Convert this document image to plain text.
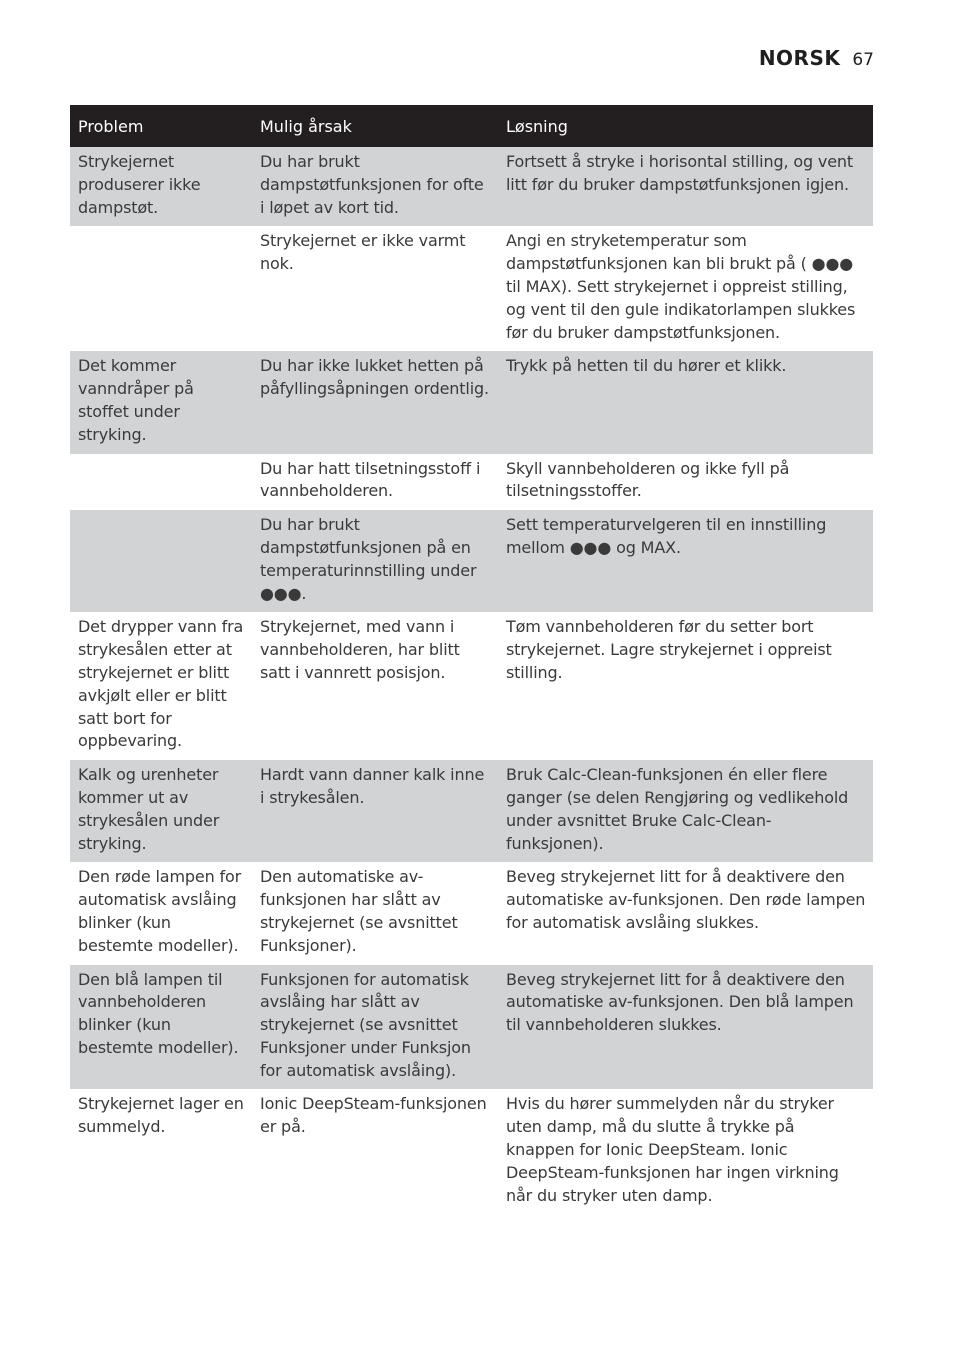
NORSK 67
Problem	Mulig årsak	Løsning
Strykejernet produserer ikke dampstøt.	Du har brukt dampstøtfunksjonen for ofte i løpet av kort tid.	Fortsett å stryke i horisontal stilling, og vent litt før du bruker dampstøtfunksjonen igjen.
	Strykejernet er ikke varmt nok.	Angi en stryketemperatur som dampstøtfunksjonen kan bli brukt på ( ●●● til MAX). Sett strykejernet i oppreist stilling, og vent til den gule indikatorlampen slukkes før du bruker dampstøtfunksjonen.
Det kommer vanndråper på stoffet under stryking.	Du har ikke lukket hetten på påfyllingsåpningen ordentlig.	Trykk på hetten til du hører et klikk.
	Du har hatt tilsetningsstoff i vannbeholderen.	Skyll vannbeholderen og ikke fyll på tilsetningsstoffer.
	Du har brukt dampstøtfunksjonen på en temperaturinnstilling under ●●●.	Sett temperaturvelgeren til en innstilling mellom ●●● og MAX.
Det drypper vann fra strykesålen etter at strykejernet er blitt avkjølt eller er blitt satt bort for oppbevaring.	Strykejernet, med vann i vannbeholderen, har blitt satt i vannrett posisjon.	Tøm vannbeholderen før du setter bort strykejernet. Lagre strykejernet i oppreist stilling.
Kalk og urenheter kommer ut av strykesålen under stryking.	Hardt vann danner kalk inne i strykesålen.	Bruk Calc-Clean-funksjonen én eller flere ganger (se delen Rengjøring og vedlikehold under avsnittet Bruke Calc-Clean-funksjonen).
Den røde lampen for automatisk avslåing blinker (kun bestemte modeller).	Den automatiske av-funksjonen har slått av strykejernet (se avsnittet Funksjoner).	Beveg strykejernet litt for å deaktivere den automatiske av-funksjonen. Den røde lampen for automatisk avslåing slukkes.
Den blå lampen til vannbeholderen blinker (kun bestemte modeller).	Funksjonen for automatisk avslåing har slått av strykejernet (se avsnittet Funksjoner under Funksjon for automatisk avslåing).	Beveg strykejernet litt for å deaktivere den automatiske av-funksjonen. Den blå lampen til vannbeholderen slukkes.
Strykejernet lager en summelyd.	Ionic DeepSteam-funksjonen er på.	Hvis du hører summelyden når du stryker uten damp, må du slutte å trykke på knappen for Ionic DeepSteam. Ionic DeepSteam-funksjonen har ingen virkning når du stryker uten damp.
